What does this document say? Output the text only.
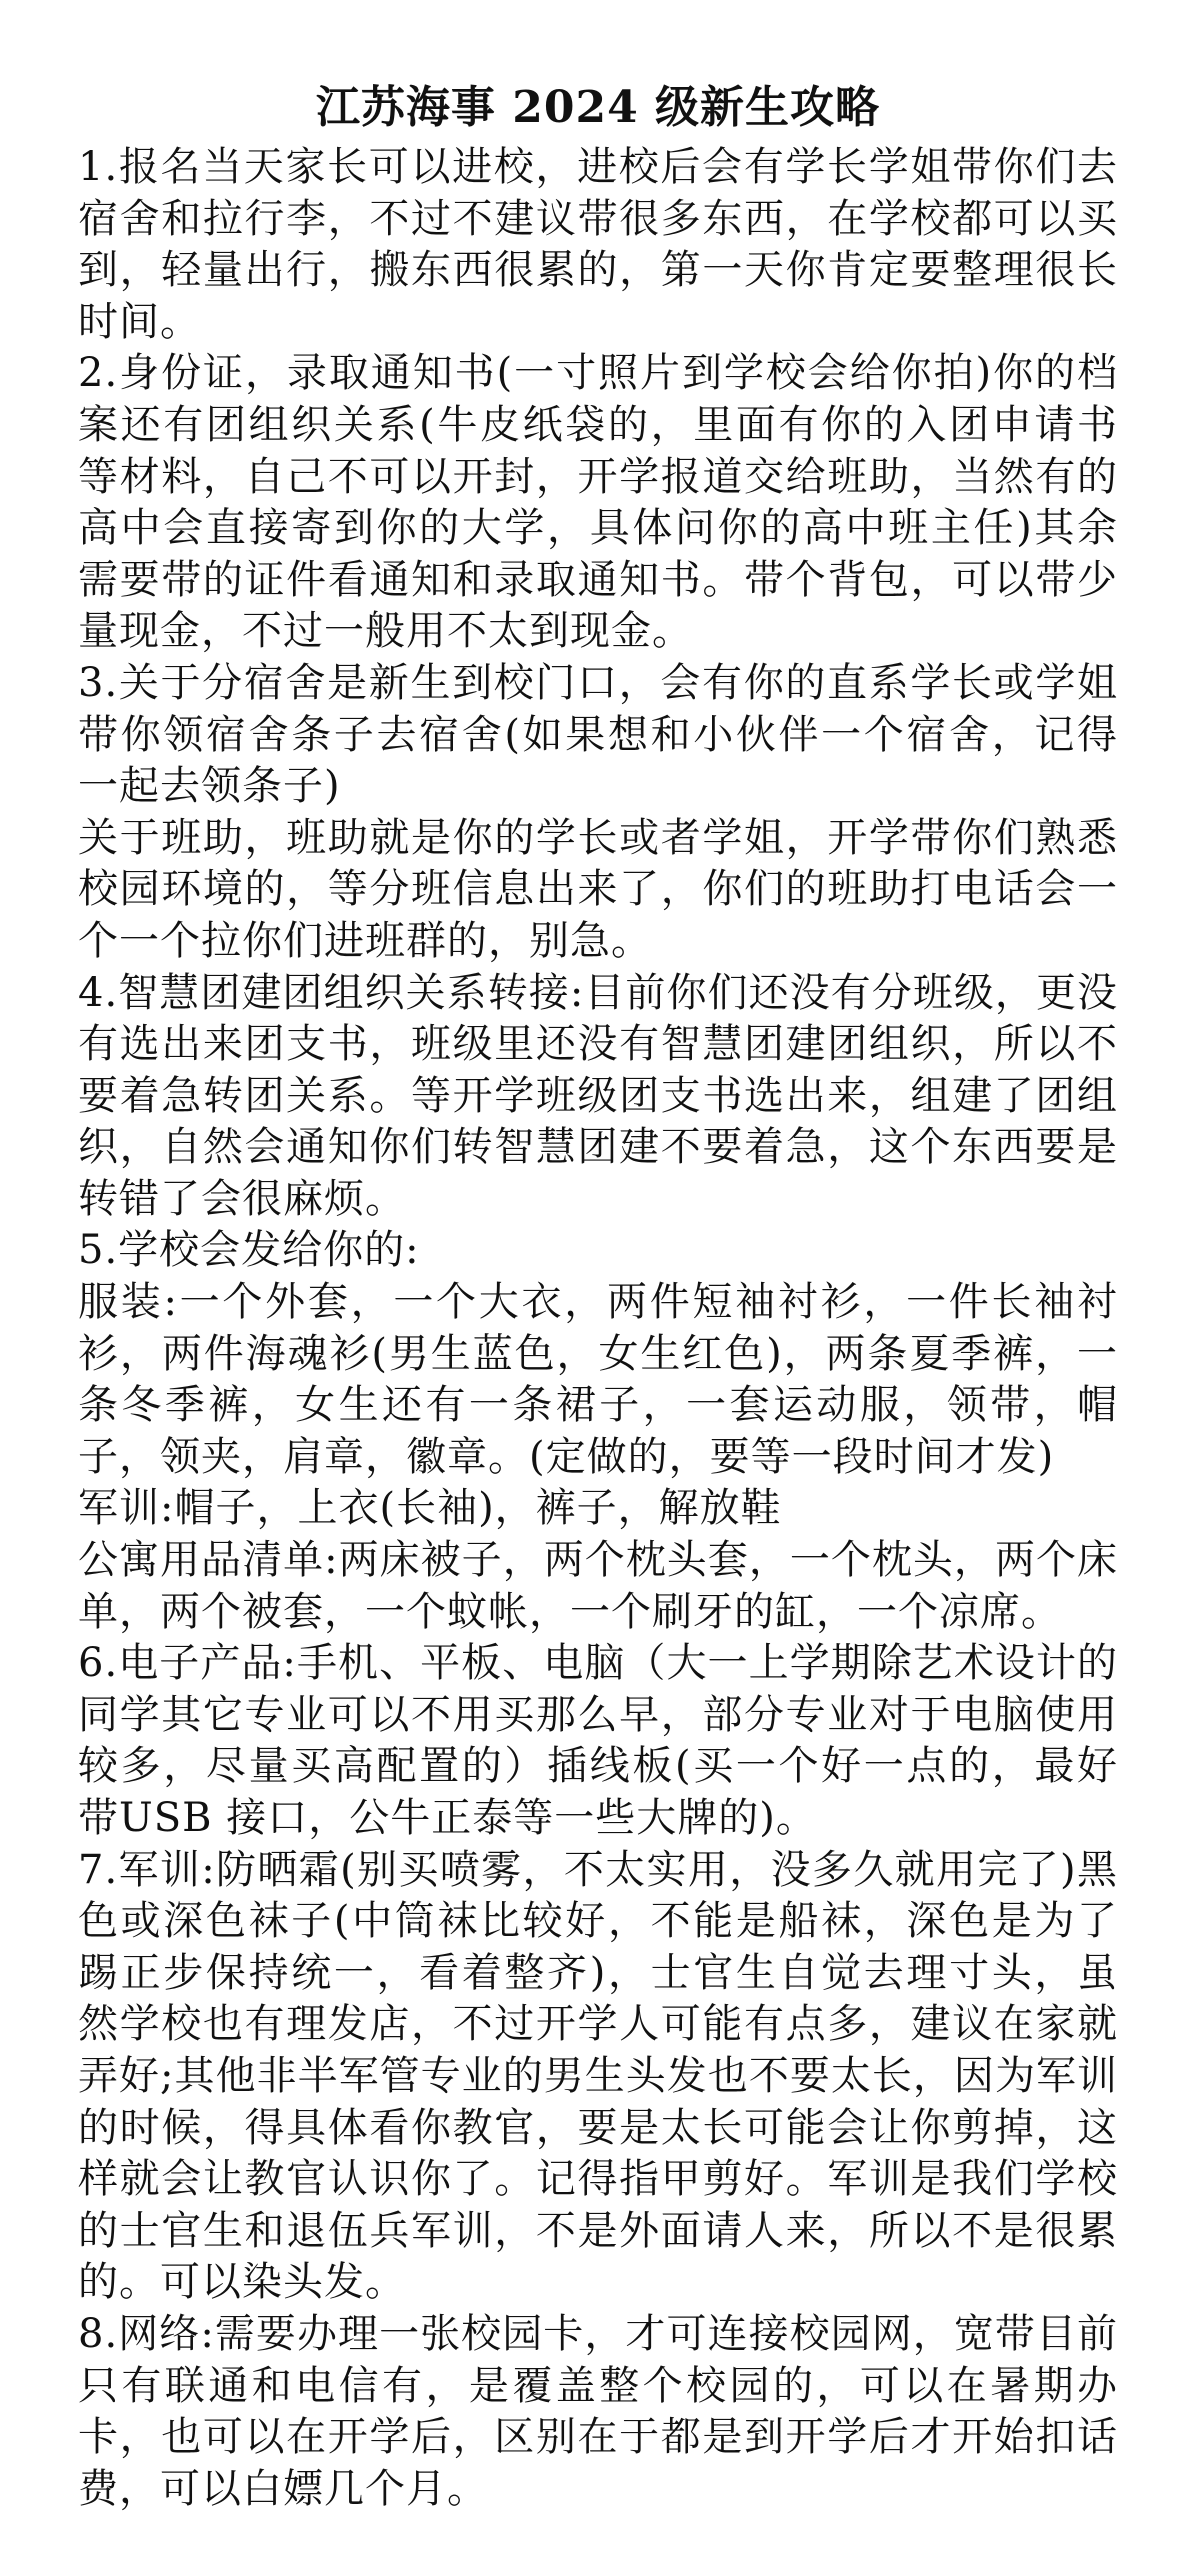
江苏海事 2024 级新生攻略

1.报名当天家长可以进校，进校后会有学长学姐带你们去宿舍和拉行李，不过不建议带很多东西，在学校都可以买到，轻量出行，搬东西很累的，第一天你肯定要整理很长时间。

2.身份证，录取通知书(一寸照片到学校会给你拍)你的档案还有团组织关系(牛皮纸袋的，里面有你的入团申请书等材料，自己不可以开封，开学报道交给班助，当然有的高中会直接寄到你的大学，具体问你的高中班主任)其余需要带的证件看通知和录取通知书。带个背包，可以带少量现金，不过一般用不太到现金。

3.关于分宿舍是新生到校门口，会有你的直系学长或学姐带你领宿舍条子去宿舍(如果想和小伙伴一个宿舍，记得一起去领条子)

关于班助，班助就是你的学长或者学姐，开学带你们熟悉校园环境的，等分班信息出来了，你们的班助打电话会一个一个拉你们进班群的，别急。

4.智慧团建团组织关系转接:目前你们还没有分班级，更没有选出来团支书，班级里还没有智慧团建团组织，所以不要着急转团关系。等开学班级团支书选出来，组建了团组织，自然会通知你们转智慧团建不要着急，这个东西要是转错了会很麻烦。

5.学校会发给你的:

服装:一个外套，一个大衣，两件短袖衬衫，一件长袖衬衫，两件海魂衫(男生蓝色，女生红色)，两条夏季裤，一条冬季裤，女生还有一条裙子，一套运动服，领带，帽子，领夹，肩章，徽章。(定做的，要等一段时间才发)

军训:帽子，上衣(长袖)，裤子，解放鞋

公寓用品清单:两床被子，两个枕头套，一个枕头，两个床单，两个被套，一个蚊帐，一个刷牙的缸，一个凉席。

6.电子产品:手机、平板、电脑（大一上学期除艺术设计的同学其它专业可以不用买那么早，部分专业对于电脑使用较多，尽量买高配置的）插线板(买一个好一点的，最好带USB 接口，公牛正泰等一些大牌的)。

7.军训:防晒霜(别买喷雾，不太实用，没多久就用完了)黑色或深色袜子(中筒袜比较好，不能是船袜，深色是为了踢正步保持统一，看着整齐)，士官生自觉去理寸头，虽然学校也有理发店，不过开学人可能有点多，建议在家就弄好;其他非半军管专业的男生头发也不要太长，因为军训的时候，得具体看你教官，要是太长可能会让你剪掉，这样就会让教官认识你了。记得指甲剪好。军训是我们学校的士官生和退伍兵军训，不是外面请人来，所以不是很累的。可以染头发。

8.网络:需要办理一张校园卡，才可连接校园网，宽带目前只有联通和电信有，是覆盖整个校园的，可以在暑期办卡，也可以在开学后，区别在于都是到开学后才开始扣话费，可以白嫖几个月。
